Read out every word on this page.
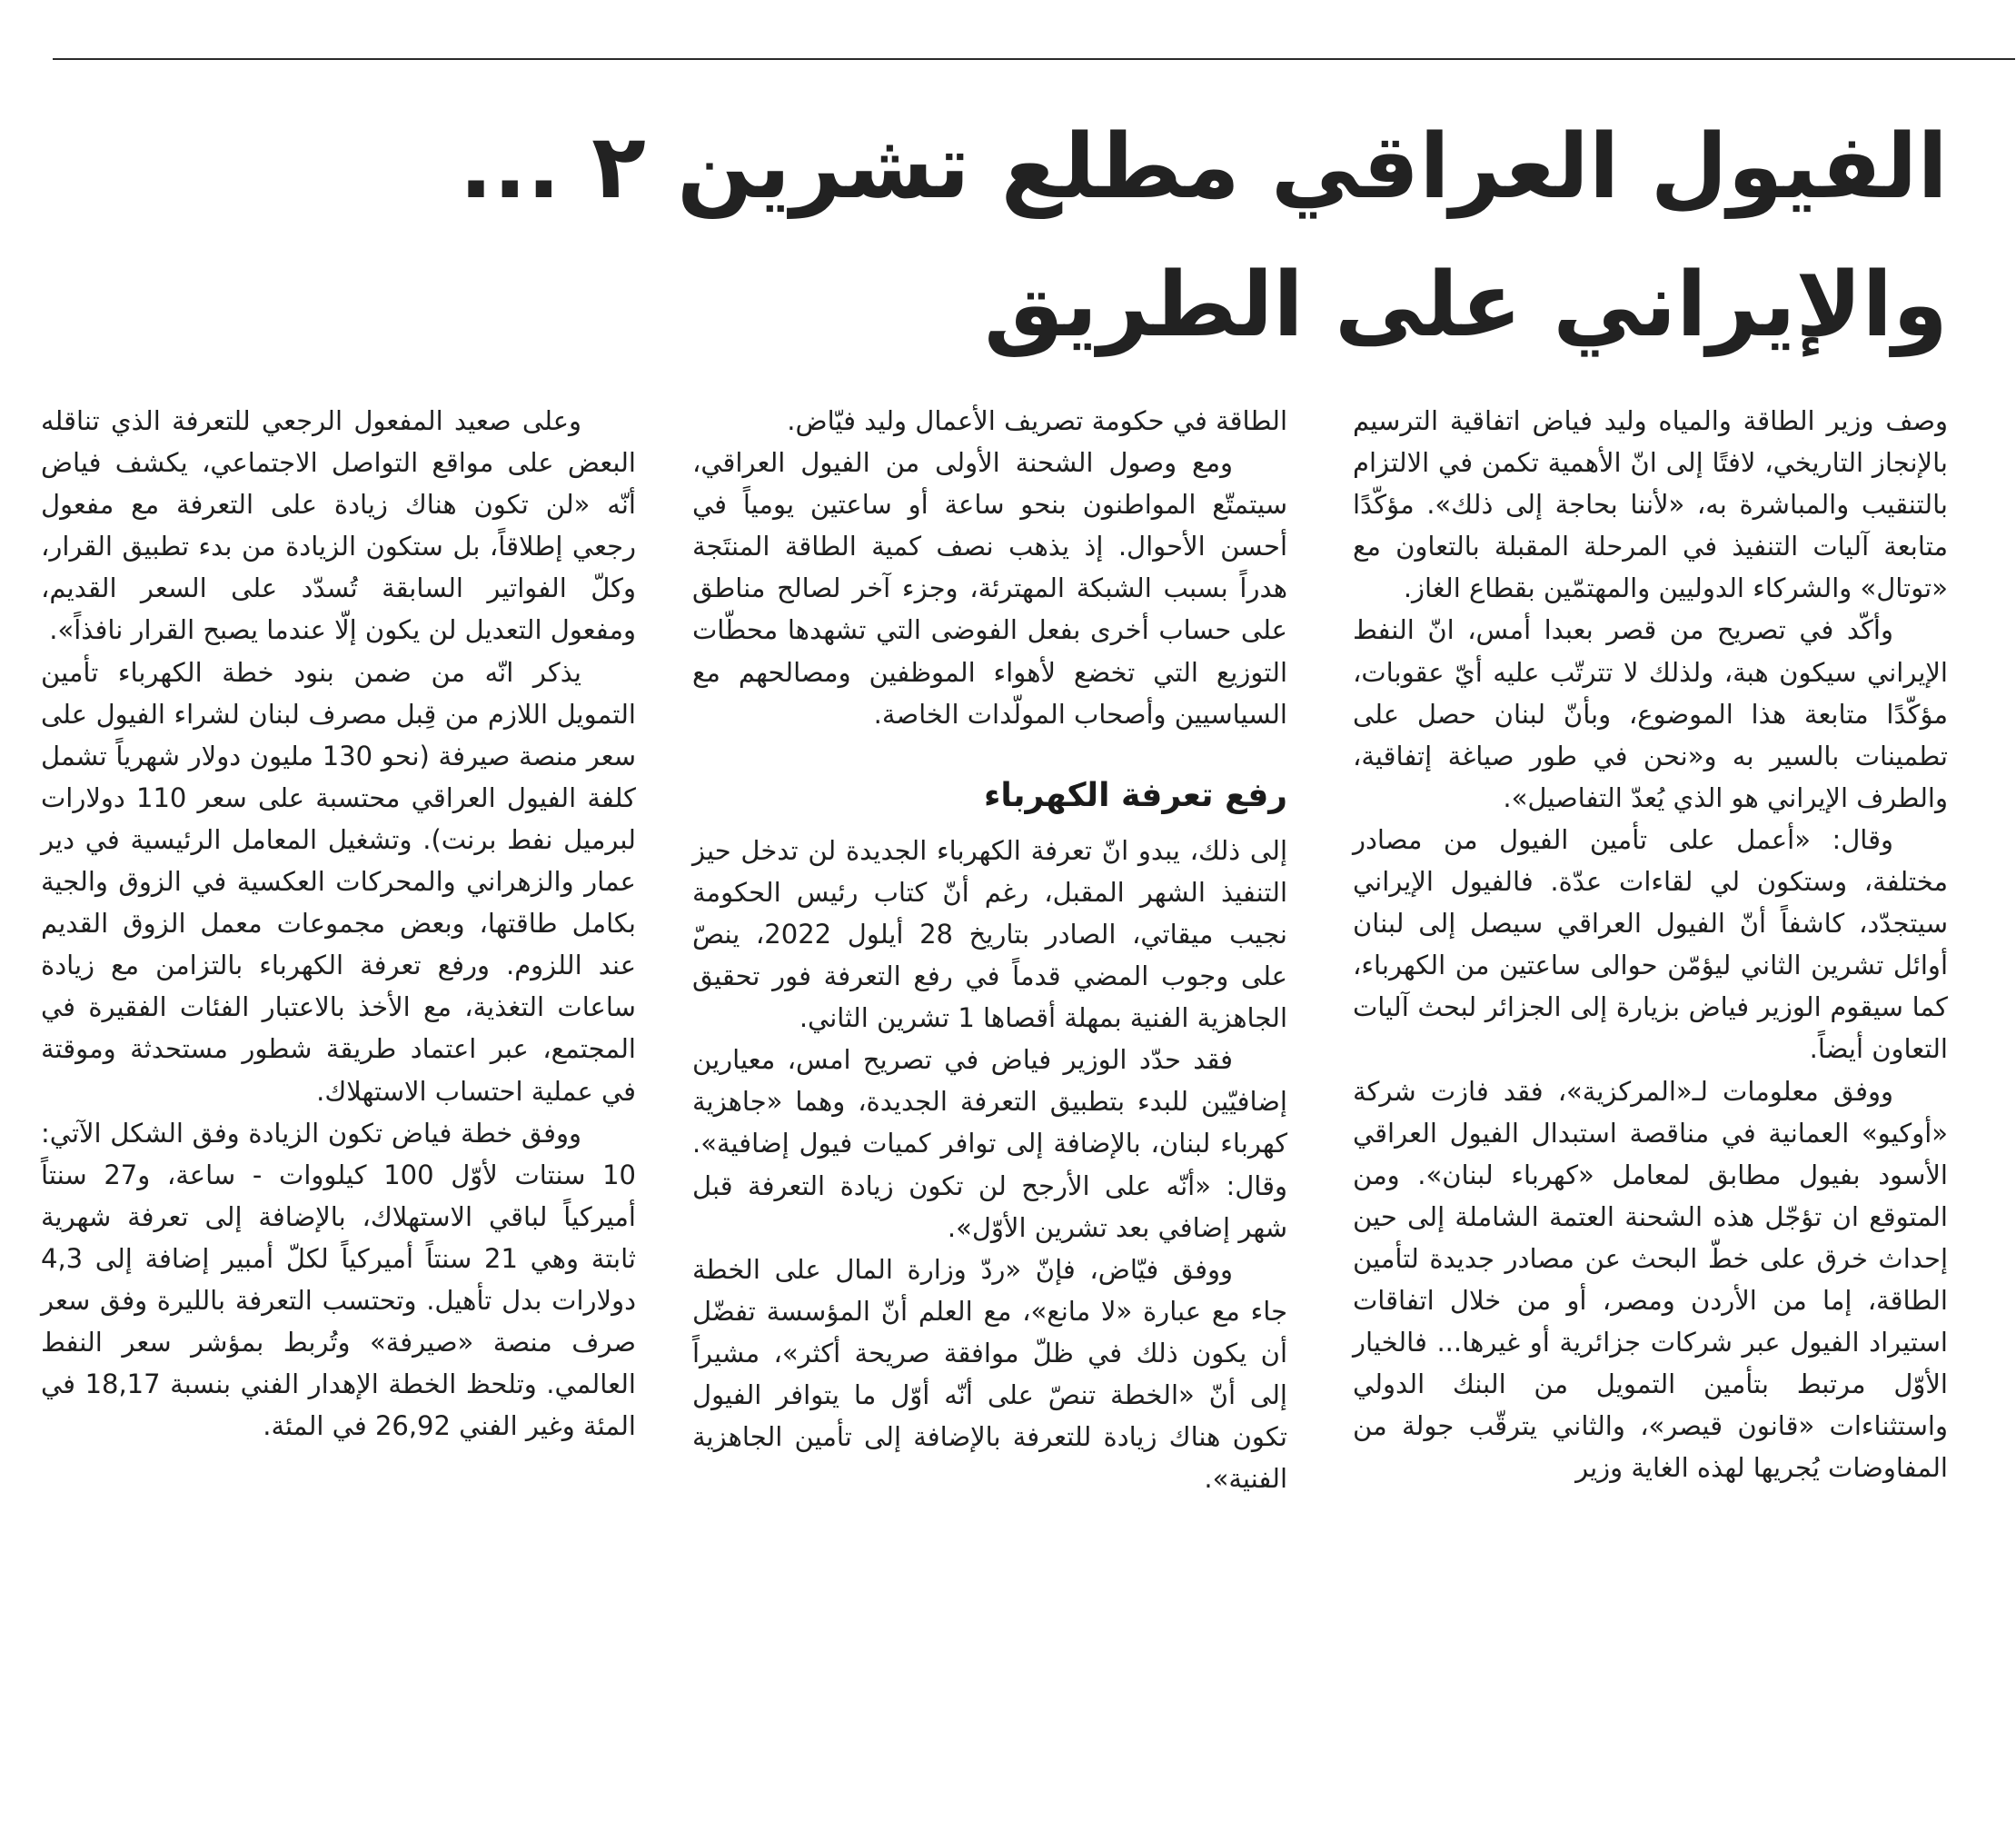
الفيول العراقي مطلع تشرين ٢ ... والإيراني على الطريق

وصف وزير الطاقة والمياه وليد فياض اتفاقية الترسيم بالإنجاز التاريخي، لافتًا إلى انّ الأهمية تكمن في الالتزام بالتنقيب والمباشرة به، «لأننا بحاجة إلى ذلك». مؤكّدًا متابعة آليات التنفيذ في المرحلة المقبلة بالتعاون مع «توتال» والشركاء الدوليين والمهتمّين بقطاع الغاز.

وأكّد في تصريح من قصر بعبدا أمس، انّ النفط الإيراني سيكون هبة، ولذلك لا تترتّب عليه أيّ عقوبات، مؤكّدًا متابعة هذا الموضوع، وبأنّ لبنان حصل على تطمينات بالسير به و«نحن في طور صياغة إتفاقية، والطرف الإيراني هو الذي يُعدّ التفاصيل».

وقال: «أعمل على تأمين الفيول من مصادر مختلفة، وستكون لي لقاءات عدّة. فالفيول الإيراني سيتجدّد، كاشفاً أنّ الفيول العراقي سيصل إلى لبنان أوائل تشرين الثاني ليؤمّن حوالى ساعتين من الكهرباء، كما سيقوم الوزير فياض بزيارة إلى الجزائر لبحث آليات التعاون أيضاً.

ووفق معلومات لـ«المركزية»، فقد فازت شركة «أوكيو» العمانية في مناقصة استبدال الفيول العراقي الأسود بفيول مطابق لمعامل «كهرباء لبنان». ومن المتوقع ان تؤجّل هذه الشحنة العتمة الشاملة إلى حين إحداث خرق على خطّ البحث عن مصادر جديدة لتأمين الطاقة، إما من الأردن ومصر، أو من خلال اتفاقات استيراد الفيول عبر شركات جزائرية أو غيرها... فالخيار الأوّل مرتبط بتأمين التمويل من البنك الدولي واستثناءات «قانون قيصر»، والثاني يترقّب جولة من المفاوضات يُجريها لهذه الغاية وزير

الطاقة في حكومة تصريف الأعمال وليد فيّاض.

ومع وصول الشحنة الأولى من الفيول العراقي، سيتمتّع المواطنون بنحو ساعة أو ساعتين يومياً في أحسن الأحوال. إذ يذهب نصف كمية الطاقة المنتَجة هدراً بسبب الشبكة المهترئة، وجزء آخر لصالح مناطق على حساب أخرى بفعل الفوضى التي تشهدها محطّات التوزيع التي تخضع لأهواء الموظفين ومصالحهم مع السياسيين وأصحاب المولّدات الخاصة.

رفع تعرفة الكهرباء

إلى ذلك، يبدو انّ تعرفة الكهرباء الجديدة لن تدخل حيز التنفيذ الشهر المقبل، رغم أنّ كتاب رئيس الحكومة نجيب ميقاتي، الصادر بتاريخ 28 أيلول 2022، ينصّ على وجوب المضي قدماً في رفع التعرفة فور تحقيق الجاهزية الفنية بمهلة أقصاها 1 تشرين الثاني.

فقد حدّد الوزير فياض في تصريح امس، معيارين إضافيّين للبدء بتطبيق التعرفة الجديدة، وهما «جاهزية كهرباء لبنان، بالإضافة إلى توافر كميات فيول إضافية». وقال: «أنّه على الأرجح لن تكون زيادة التعرفة قبل شهر إضافي بعد تشرين الأوّل».

ووفق فيّاض، فإنّ «ردّ وزارة المال على الخطة جاء مع عبارة «لا مانع»، مع العلم أنّ المؤسسة تفضّل أن يكون ذلك في ظلّ موافقة صريحة أكثر»، مشيراً إلى أنّ «الخطة تنصّ على أنّه أوّل ما يتوافر الفيول تكون هناك زيادة للتعرفة بالإضافة إلى تأمين الجاهزية الفنية».

وعلى صعيد المفعول الرجعي للتعرفة الذي تناقله البعض على مواقع التواصل الاجتماعي، يكشف فياض أنّه «لن تكون هناك زيادة على التعرفة مع مفعول رجعي إطلاقاً، بل ستكون الزيادة من بدء تطبيق القرار، وكلّ الفواتير السابقة تُسدّد على السعر القديم، ومفعول التعديل لن يكون إلّا عندما يصبح القرار نافذاً».

يذكر انّه من ضمن بنود خطة الكهرباء تأمين التمويل اللازم من قِبل مصرف لبنان لشراء الفيول على سعر منصة صيرفة (نحو 130 مليون دولار شهرياً تشمل كلفة الفيول العراقي محتسبة على سعر 110 دولارات لبرميل نفط برنت). وتشغيل المعامل الرئيسية في دير عمار والزهراني والمحركات العكسية في الزوق والجية بكامل طاقتها، وبعض مجموعات معمل الزوق القديم عند اللزوم. ورفع تعرفة الكهرباء بالتزامن مع زيادة ساعات التغذية، مع الأخذ بالاعتبار الفئات الفقيرة في المجتمع، عبر اعتماد طريقة شطور مستحدثة وموقتة في عملية احتساب الاستهلاك.

ووفق خطة فياض تكون الزيادة وفق الشكل الآتي: 10 سنتات لأوّل 100 كيلووات - ساعة، و27 سنتاً أميركياً لباقي الاستهلاك، بالإضافة إلى تعرفة شهرية ثابتة وهي 21 سنتاً أميركياً لكلّ أمبير إضافة إلى 4,3 دولارات بدل تأهيل. وتحتسب التعرفة بالليرة وفق سعر صرف منصة «صيرفة» وتُربط بمؤشر سعر النفط العالمي. وتلحظ الخطة الإهدار الفني بنسبة 18,17 في المئة وغير الفني 26,92 في المئة.
